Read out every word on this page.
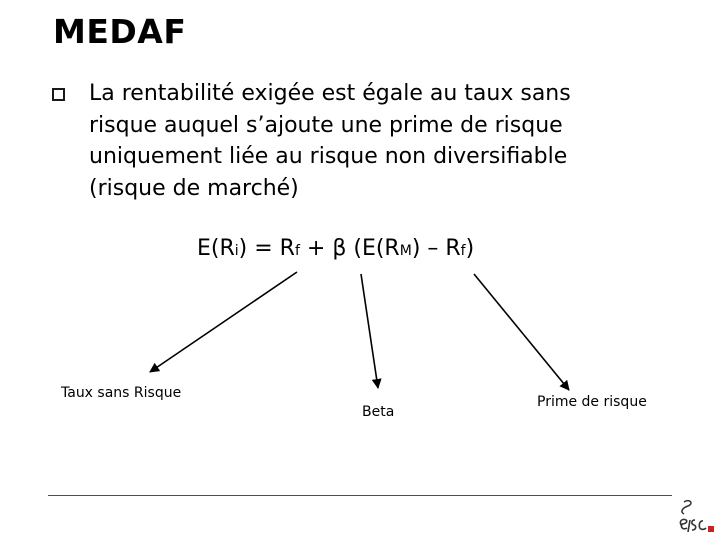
MEDAF
La rentabilité exigée est égale au taux sans
risque auquel s’ajoute une prime de risque
uniquement liée au risque non diversifiable
(risque de marché)
E(Ri) = Rf + β (E(RM) – Rf)
Taux sans Risque
Beta
Prime de risque
